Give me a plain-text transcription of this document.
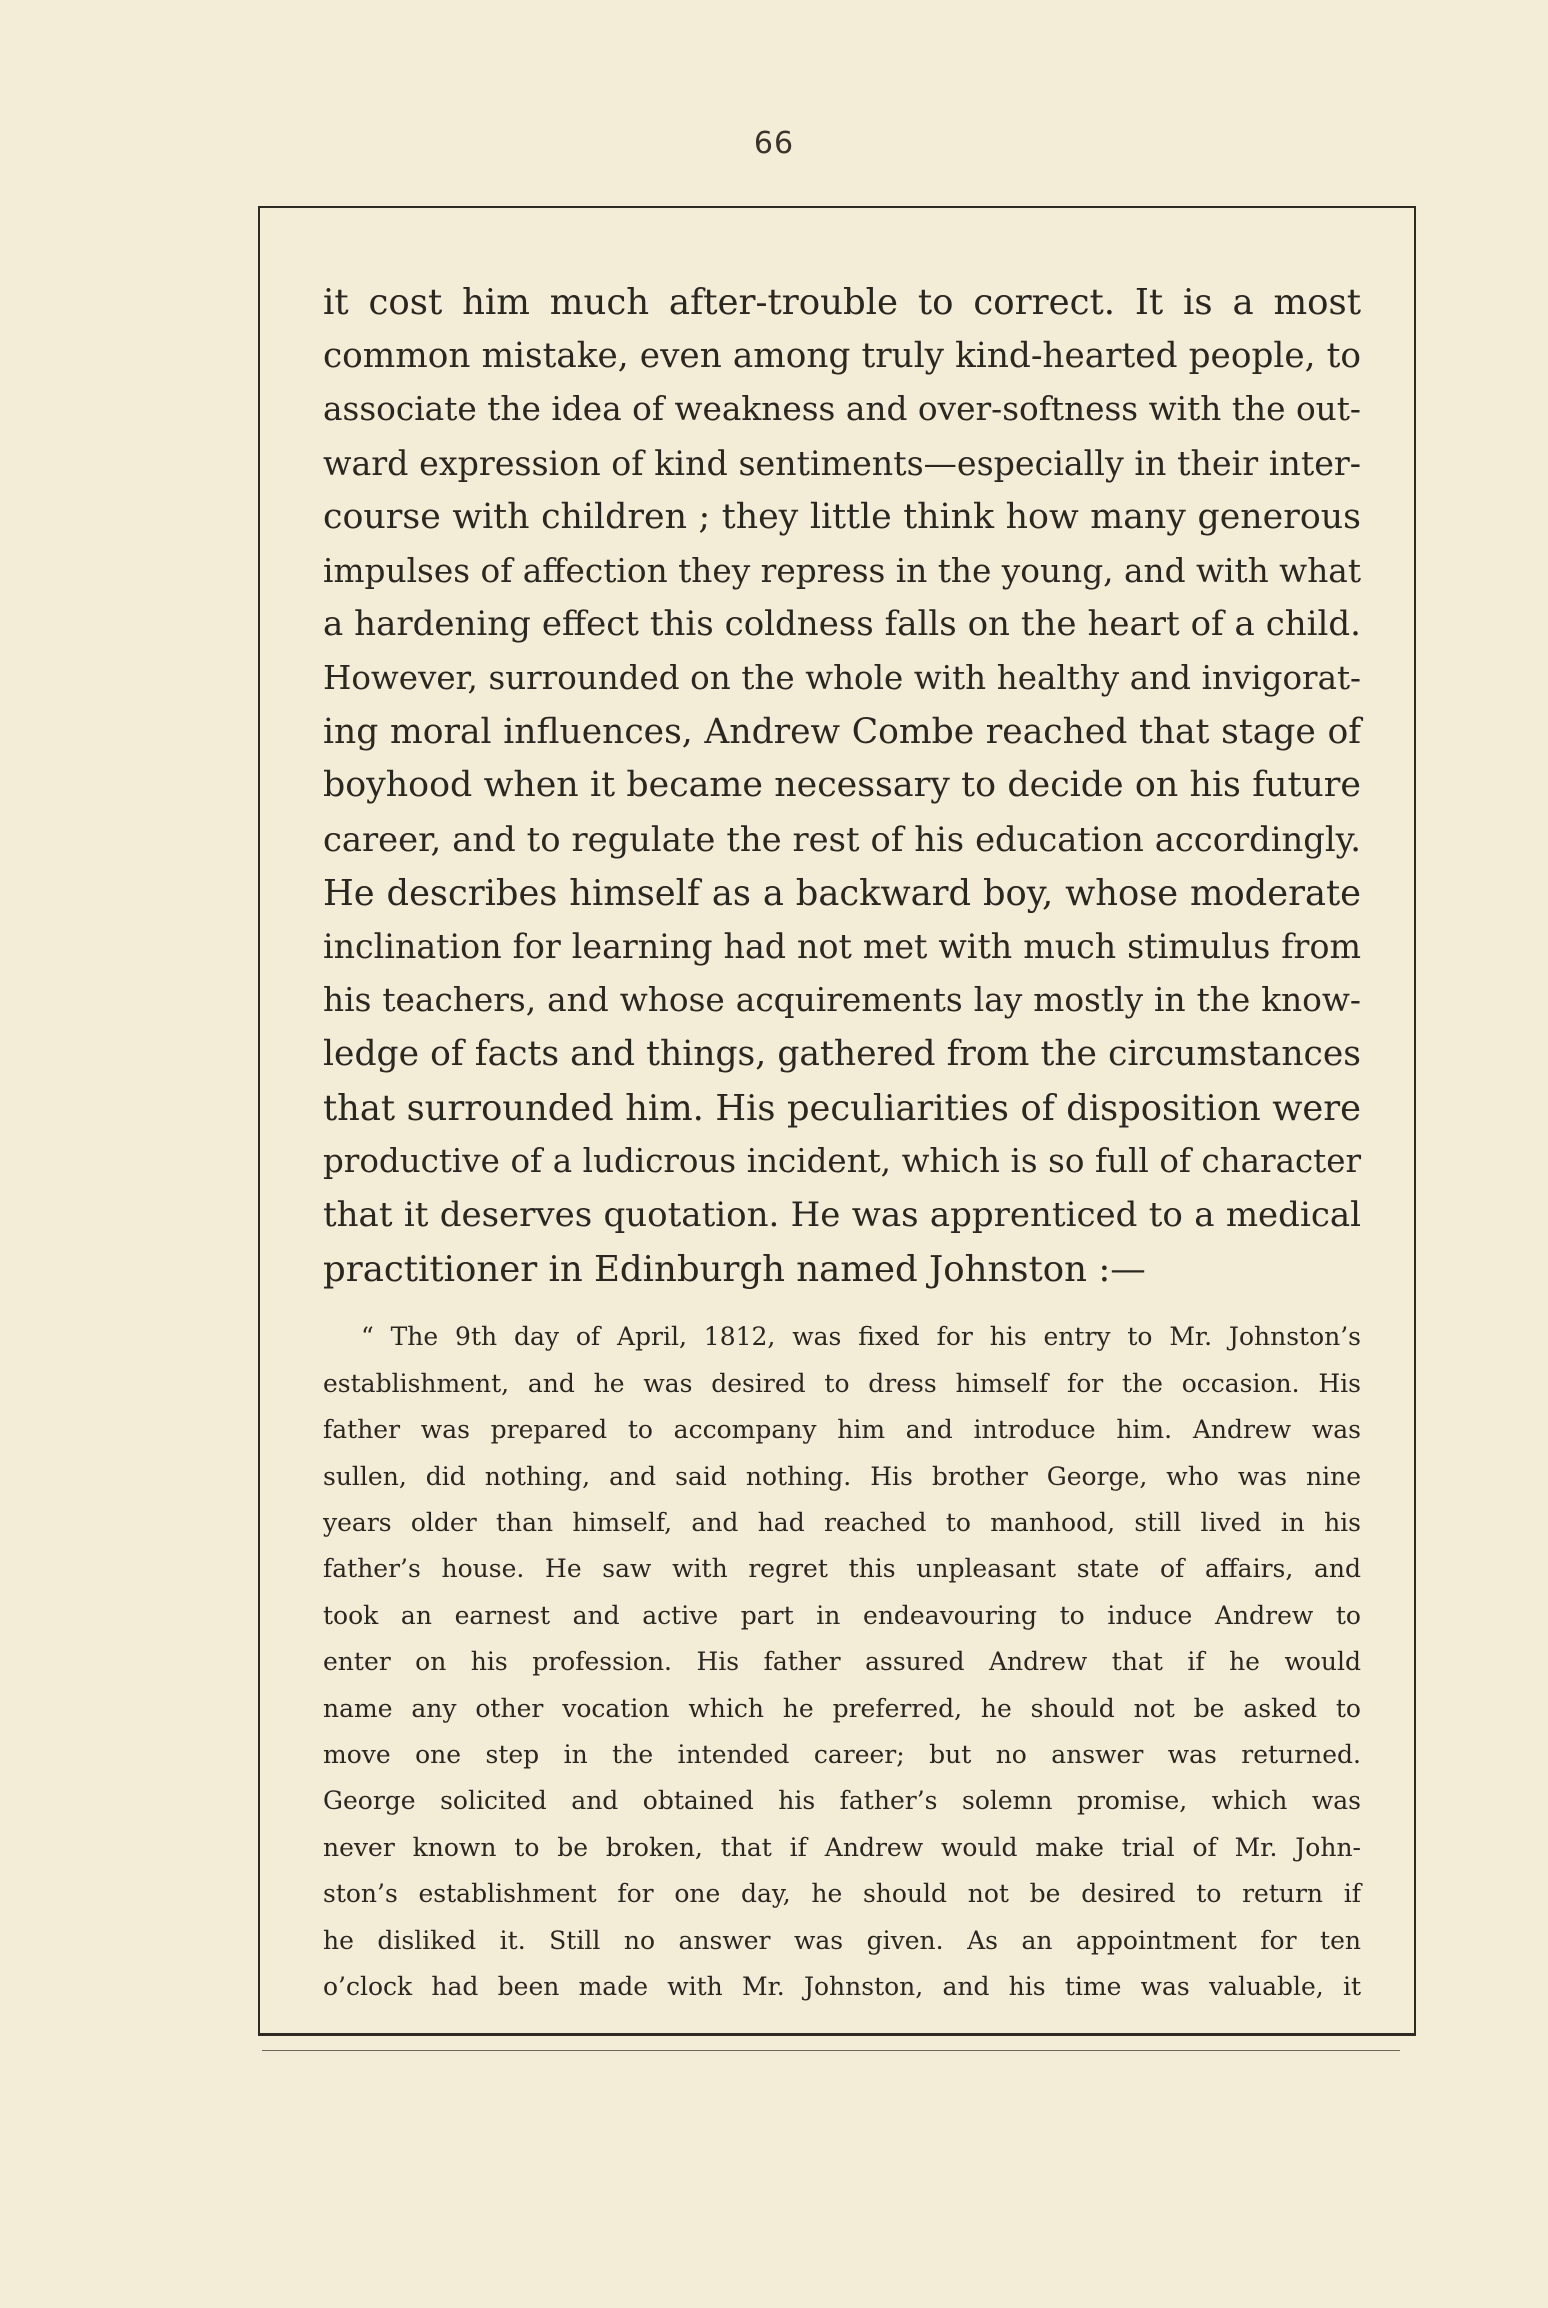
66
it cost him much after-trouble to correct. It is a most
common mistake, even among truly kind-hearted people, to
associate the idea of weakness and over-softness with the out-
ward expression of kind sentiments—especially in their inter-
course with children ; they little think how many generous
impulses of affection they repress in the young, and with what
a hardening effect this coldness falls on the heart of a child.
However, surrounded on the whole with healthy and invigorat-
ing moral influences, Andrew Combe reached that stage of
boyhood when it became necessary to decide on his future
career, and to regulate the rest of his education accordingly.
He describes himself as a backward boy, whose moderate
inclination for learning had not met with much stimulus from
his teachers, and whose acquirements lay mostly in the know-
ledge of facts and things, gathered from the circumstances
that surrounded him. His peculiarities of disposition were
productive of a ludicrous incident, which is so full of character
that it deserves quotation. He was apprenticed to a medical
practitioner in Edinburgh named Johnston :—
“ The 9th day of April, 1812, was fixed for his entry to Mr. Johnston’s
establishment, and he was desired to dress himself for the occasion. His
father was prepared to accompany him and introduce him. Andrew was
sullen, did nothing, and said nothing. His brother George, who was nine
years older than himself, and had reached to manhood, still lived in his
father’s house. He saw with regret this unpleasant state of affairs, and
took an earnest and active part in endeavouring to induce Andrew to
enter on his profession. His father assured Andrew that if he would
name any other vocation which he preferred, he should not be asked to
move one step in the intended career; but no answer was returned.
George solicited and obtained his father’s solemn promise, which was
never known to be broken, that if Andrew would make trial of Mr. John-
ston’s establishment for one day, he should not be desired to return if
he disliked it. Still no answer was given. As an appointment for ten
o’clock had been made with Mr. Johnston, and his time was valuable, it
